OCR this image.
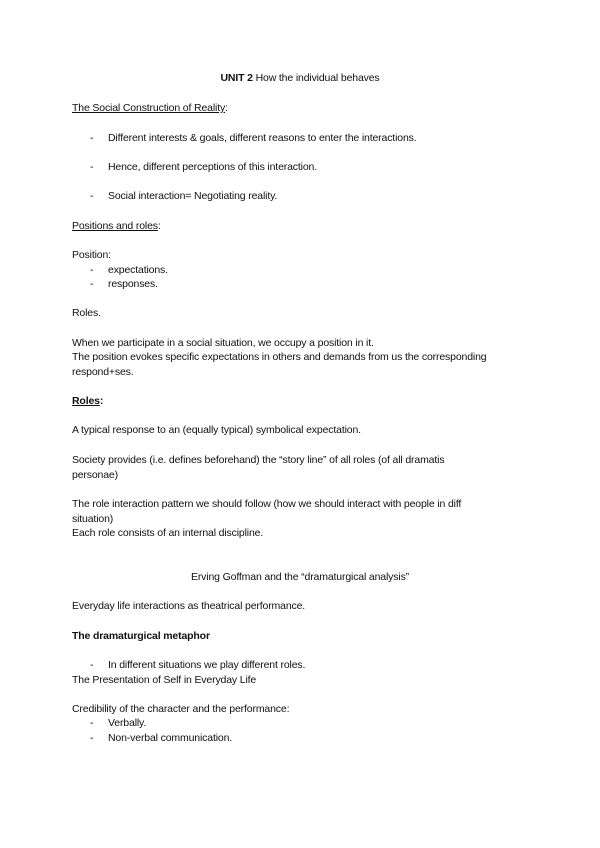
UNIT 2 How the individual behaves
The Social Construction of Reality:
- Different interests & goals, different reasons to enter the interactions.
- Hence, different perceptions of this interaction.
- Social interaction= Negotiating reality.
Positions and roles:
Position:
- expectations.
- responses.
Roles.
When we participate in a social situation, we occupy a position in it.
The position evokes specific expectations in others and demands from us the corresponding
respond+ses.
Roles:
A typical response to an (equally typical) symbolical expectation.
Society provides (i.e. defines beforehand) the “story line” of all roles (of all dramatis
personae)
The role interaction pattern we should follow (how we should interact with people in diff
situation)
Each role consists of an internal discipline.
Erving Goffman and the “dramaturgical analysis”
Everyday life interactions as theatrical performance.
The dramaturgical metaphor
- In different situations we play different roles.
The Presentation of Self in Everyday Life
Credibility of the character and the performance:
- Verbally.
- Non-verbal communication.
